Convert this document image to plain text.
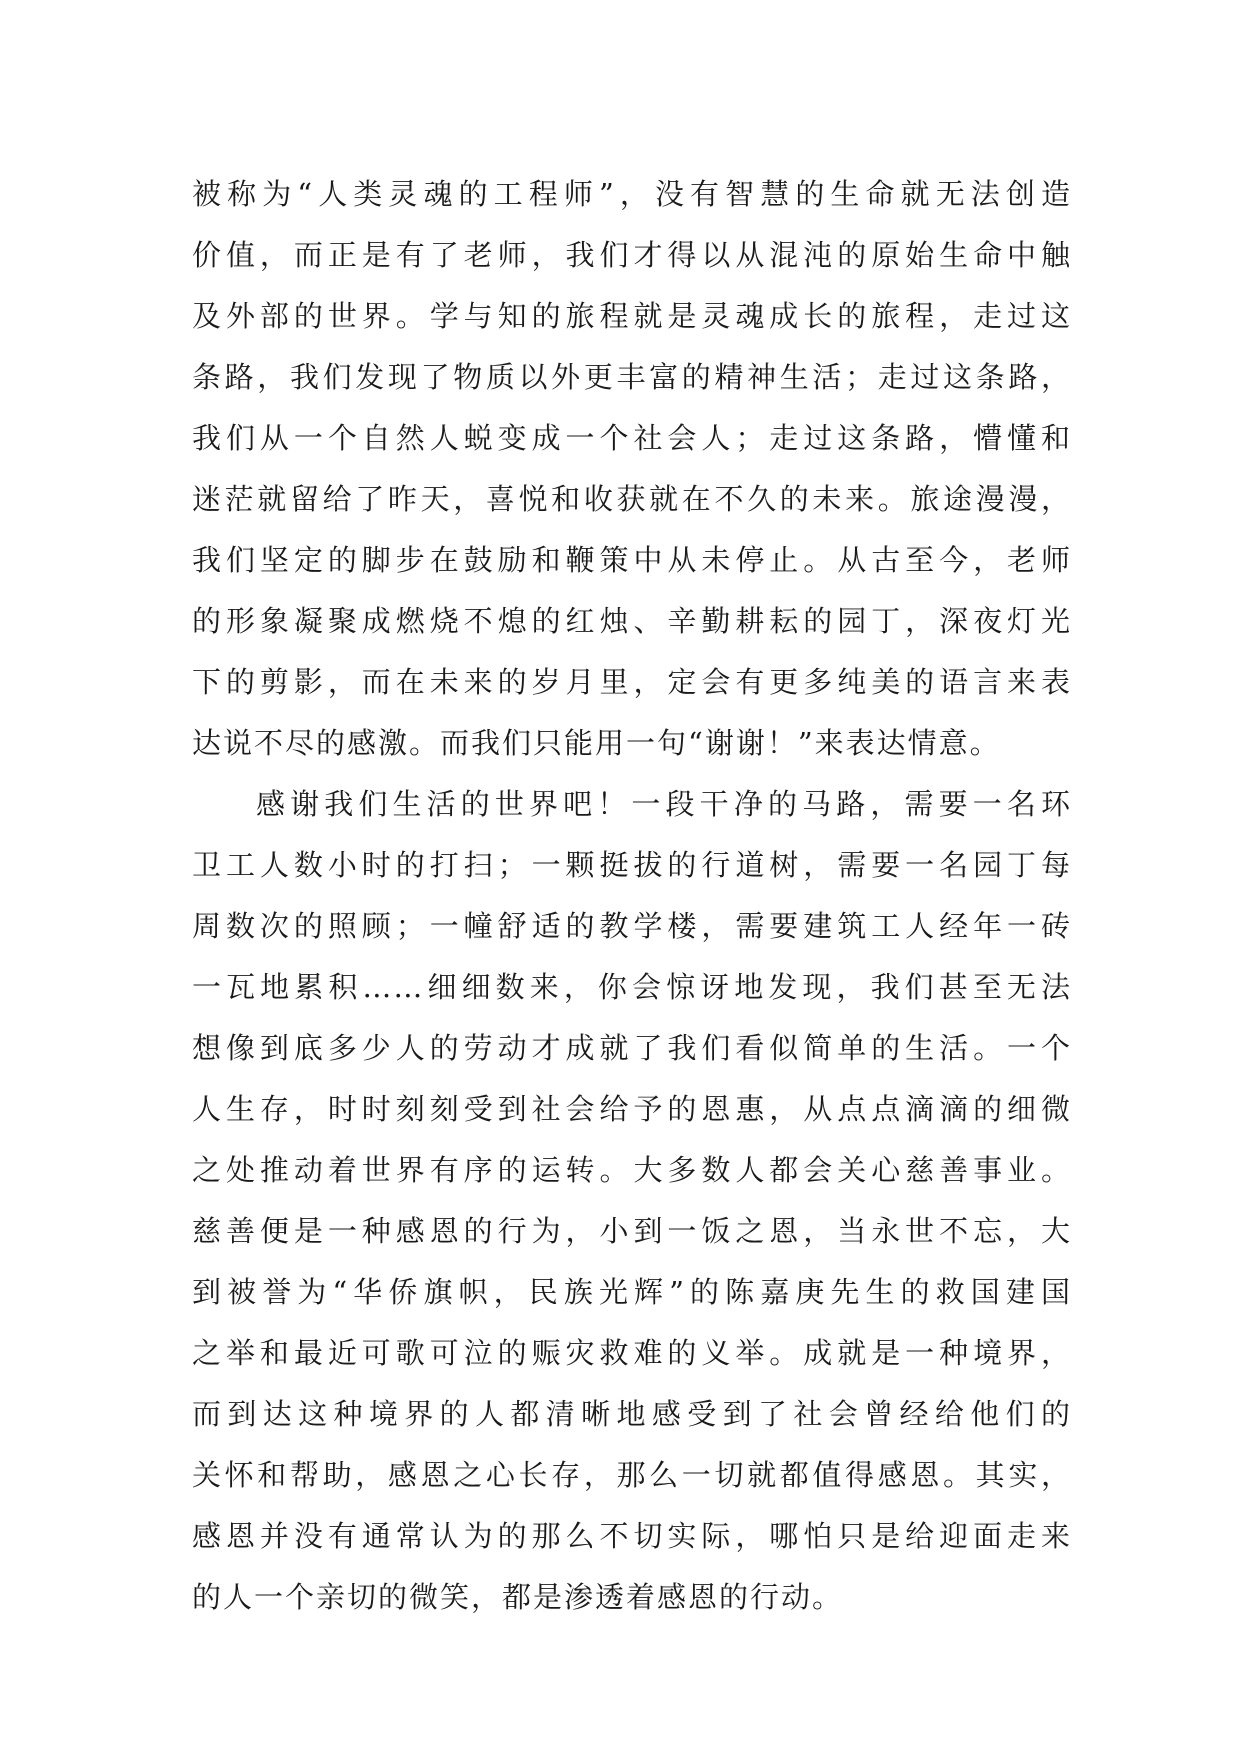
被称为“人类灵魂的工程师”，没有智慧的生命就无法创造
价值，而正是有了老师，我们才得以从混沌的原始生命中触
及外部的世界。学与知的旅程就是灵魂成长的旅程，走过这
条路，我们发现了物质以外更丰富的精神生活；走过这条路，
我们从一个自然人蜕变成一个社会人；走过这条路，懵懂和
迷茫就留给了昨天，喜悦和收获就在不久的未来。旅途漫漫，
我们坚定的脚步在鼓励和鞭策中从未停止。从古至今，老师
的形象凝聚成燃烧不熄的红烛、辛勤耕耘的园丁，深夜灯光
下的剪影，而在未来的岁月里，定会有更多纯美的语言来表
达说不尽的感激。而我们只能用一句“谢谢！”来表达情意。
感谢我们生活的世界吧！一段干净的马路，需要一名环
卫工人数小时的打扫；一颗挺拔的行道树，需要一名园丁每
周数次的照顾；一幢舒适的教学楼，需要建筑工人经年一砖
一瓦地累积……细细数来，你会惊讶地发现，我们甚至无法
想像到底多少人的劳动才成就了我们看似简单的生活。一个
人生存，时时刻刻受到社会给予的恩惠，从点点滴滴的细微
之处推动着世界有序的运转。大多数人都会关心慈善事业。
慈善便是一种感恩的行为，小到一饭之恩，当永世不忘，大
到被誉为“华侨旗帜，民族光辉”的陈嘉庚先生的救国建国
之举和最近可歌可泣的赈灾救难的义举。成就是一种境界，
而到达这种境界的人都清晰地感受到了社会曾经给他们的
关怀和帮助，感恩之心长存，那么一切就都值得感恩。其实，
感恩并没有通常认为的那么不切实际，哪怕只是给迎面走来
的人一个亲切的微笑，都是渗透着感恩的行动。
